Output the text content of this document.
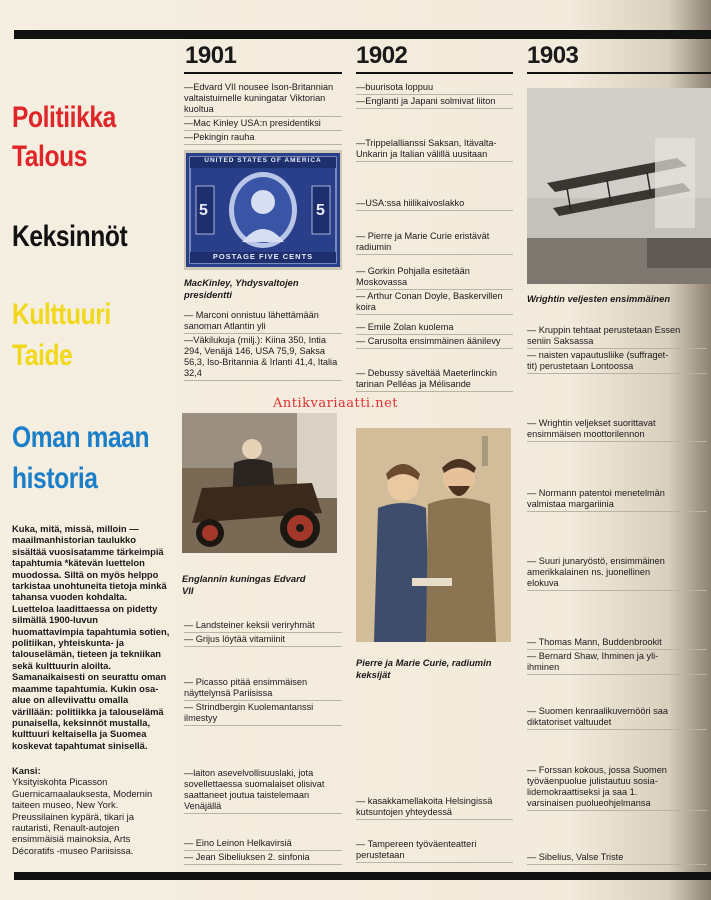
1901	1902	1903
Politiikka
Talous
Keksinnöt
Kulttuuri
Taide
Oman maan
historia
Kuka, mitä, missä, milloin — maailmanhistorian taulukko sisältää vuosisatamme tärkeimpiä tapahtumia *kätevän luettelon muodossa. Siltä on myös helppo tarkistaa unohtuneita tietoja minkä tahansa vuoden kohdalta. Luetteloa laadittaessa on pidetty silmällä 1900-luvun huomattavimpia tapahtumia sotien, politiikan, yhteiskunta- ja talouselämän, tieteen ja tekniikan sekä kulttuurin aloilta. Samanaikaisesti on seurattu oman maamme tapahtumia. Kukin osa-alue on alleviivattu omalla värillään: politiikka ja talouselämä punaisella, keksinnöt mustalla, kulttuuri keltaisella ja Suomea koskevat tapahtumat sinisellä.
Kansi:
Yksityiskohta Picasson Guernicamaalauksesta, Modernin taiteen museo, New York. Preussilainen kypärä, tikari ja rautaristi, Renault-autojen ensimmäisiä mainoksia, Arts Décoratifs -museo Pariisissa.

—Edvard VII nousee Ison-Britannian valtaistuimelle kuningatar Viktorian kuoltua

—Mac Kinley USA:n presidentiksi

—Pekingin rauha

UNITED STATES OF AMERICA
POSTAGE FIVE CENTS
5	5
MacKinley, Yhdysvaltojen presidentti

— Marconi onnistuu lähettämään sanoman Atlantin yli

—Väkilukuja (milj.): Kiina 350, Intia 294, Venäjä 146, USA 75,9, Saksa 56,3, Iso-Britannia & Irlanti 41,4, Italia 32,4

Englannin kuningas Edvard VII

— Landsteiner keksii veriryhmät

— Grijus löytää vitamiinit

— Picasso pitää ensimmäisen näyttelynsä Pariisissa

— Strindbergin Kuolemantanssi ilmestyy

—laiton asevelvollisuuslaki, jota sovellettaessa suomalaiset olisivat saattaneet joutua taistelemaan Venäjällä

— Eino Leinon Helkavirsiä

— Jean Sibeliuksen 2. sinfonia

—buurisota loppuu

—Englanti ja Japani solmivat liiton

—Trippelallianssi Saksan, Itävalta-Unkarin ja Italian välillä uusitaan

—USA:ssa hiilikaivoslakko

— Pierre ja Marie Curie eristävät radiumin

— Gorkin Pohjalla esitetään Moskovassa

— Arthur Conan Doyle, Baskervillen koira

— Emile Zolan kuolema

— Carusolta ensimmäinen äänilevy

— Debussy säveltää Maeterlinckin tarinan Pelléas ja Mélisande

Pierre ja Marie Curie, radiumin keksijät

— kasakkamellakoita Helsingissä kutsuntojen yhteydessä

— Tampereen työväenteatteri perustetaan

Wrightin veljesten ensimmäinen

— Kruppin tehtaat perustetaan Essen

seniin Saksassa

— naisten vapautusliike (suffraget-

tit) perustetaan Lontoossa

— Wrightin veljekset suorittavat

ensimmäisen moottorilennon

— Normann patentoi menetelmän

valmistaa margariinia

— Suuri junaryöstö, ensimmäinen

amerikkalainen ns. juonellinen

elokuva

— Thomas Mann, Buddenbrookit

— Bernard Shaw, Ihminen ja yli-

ihminen

— Suomen kenraalikuvernööri saa

diktatoriset valtuudet

— Forssan kokous, jossa Suomen

työväenpuolue julistautuu sosia-

lidemokraattiseksi ja saa 1.

varsinaisen puolueohjelmansa

— Sibelius, Valse Triste

Antikvariaatti.net
